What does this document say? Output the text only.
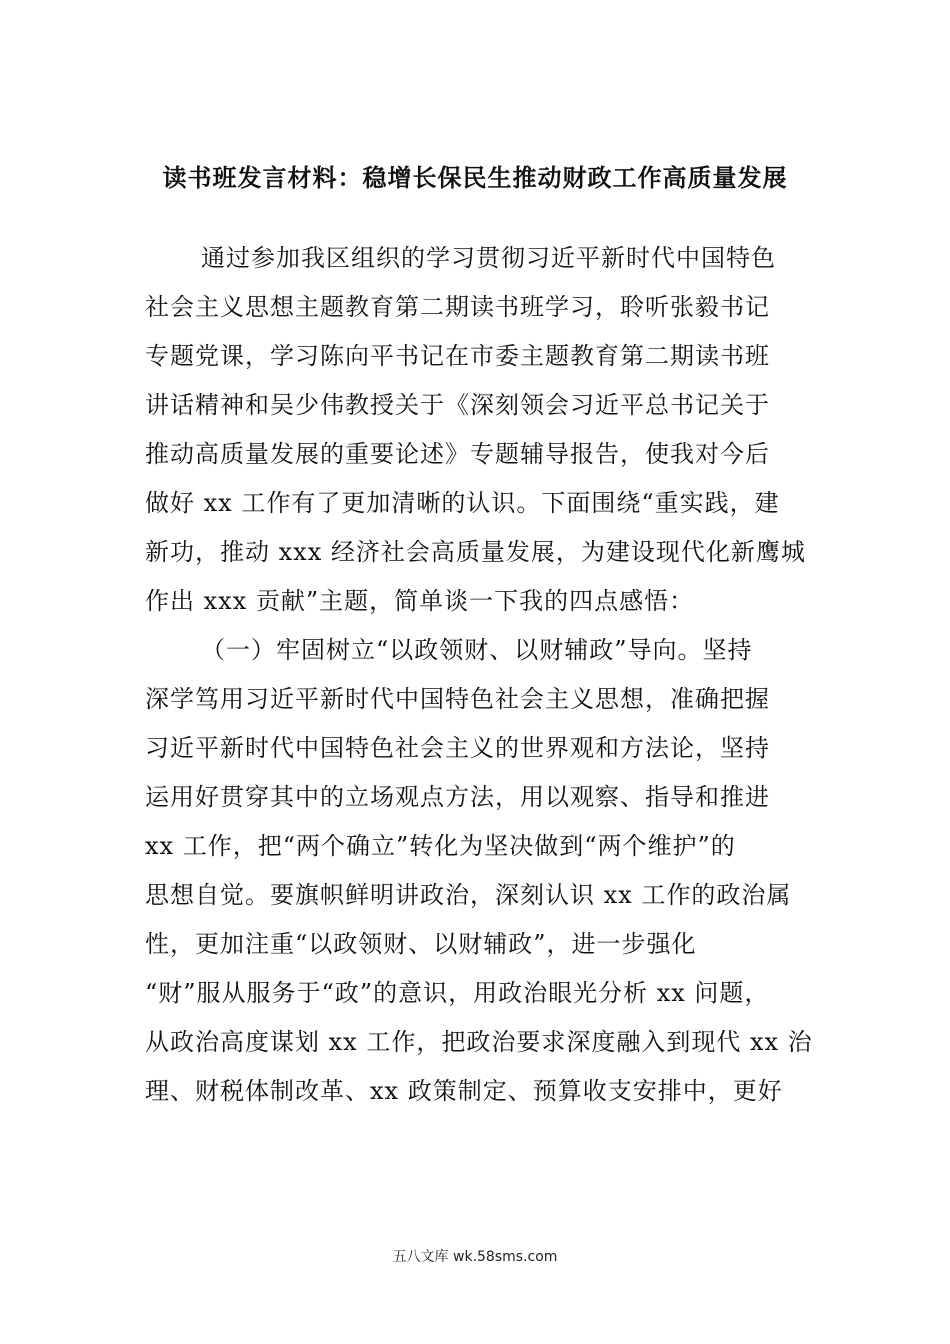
读书班发言材料：稳增长保民生推动财政工作高质量发展
通过参加我区组织的学习贯彻习近平新时代中国特色
社会主义思想主题教育第二期读书班学习，聆听张毅书记
专题党课，学习陈向平书记在市委主题教育第二期读书班
讲话精神和吴少伟教授关于《深刻领会习近平总书记关于
推动高质量发展的重要论述》专题辅导报告，使我对今后
做好 xx 工作有了更加清晰的认识。下面围绕“重实践，建
新功，推动 xxx 经济社会高质量发展，为建设现代化新鹰城
作出 xxx 贡献”主题，简单谈一下我的四点感悟：
（一）牢固树立“以政领财、以财辅政”导向。坚持
深学笃用习近平新时代中国特色社会主义思想，准确把握
习近平新时代中国特色社会主义的世界观和方法论，坚持
运用好贯穿其中的立场观点方法，用以观察、指导和推进
xx 工作，把“两个确立”转化为坚决做到“两个维护”的
思想自觉。要旗帜鲜明讲政治，深刻认识 xx 工作的政治属
性，更加注重“以政领财、以财辅政”，进一步强化
“财”服从服务于“政”的意识，用政治眼光分析 xx 问题，
从政治高度谋划 xx 工作，把政治要求深度融入到现代 xx 治
理、财税体制改革、xx 政策制定、预算收支安排中，更好
五八文库 wk.58sms.com
